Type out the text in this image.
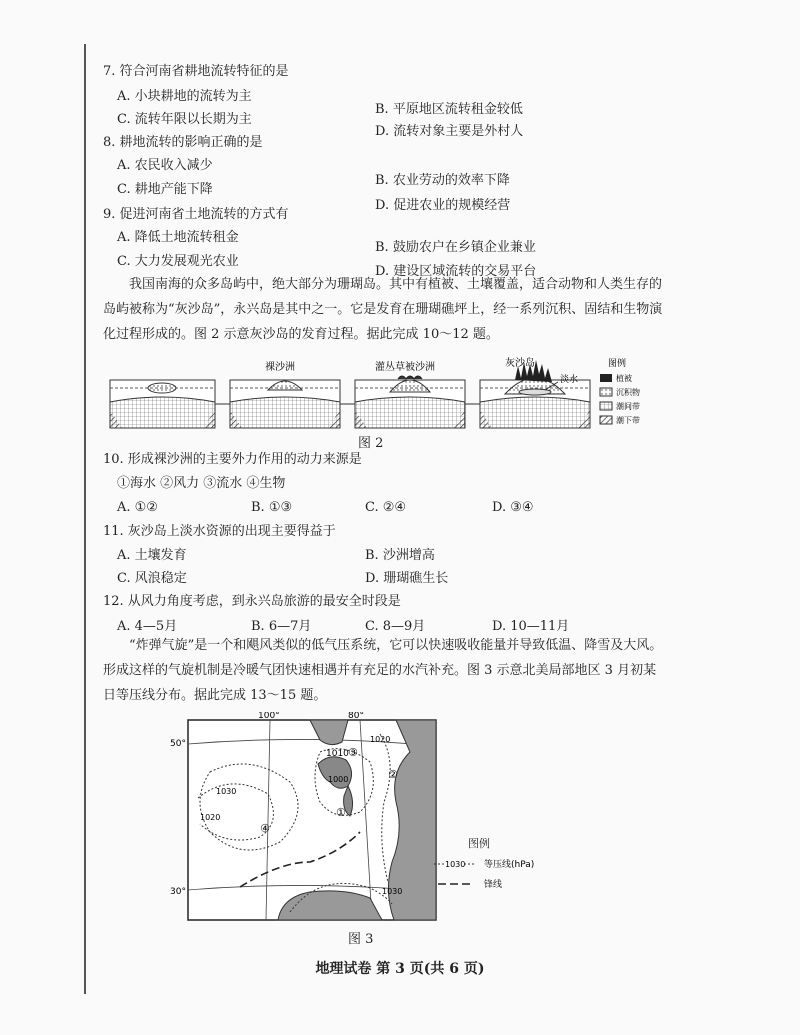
7. 符合河南省耕地流转特征的是
A. 小块耕地的流转为主
B. 平原地区流转租金较低
C. 流转年限以长期为主
D. 流转对象主要是外村人
8. 耕地流转的影响正确的是
A. 农民收入减少
B. 农业劳动的效率下降
C. 耕地产能下降
D. 促进农业的规模经营
9. 促进河南省土地流转的方式有
A. 降低土地流转租金
B. 鼓励农户在乡镇企业兼业
C. 大力发展观光农业
D. 建设区域流转的交易平台
我国南海的众多岛屿中，绝大部分为珊瑚岛。其中有植被、土壤覆盖，适合动物和人类生存的岛屿被称为“灰沙岛”，永兴岛是其中之一。它是发育在珊瑚礁坪上，经一系列沉积、固结和生物演化过程形成的。图 2 示意灰沙岛的发育过程。据此完成 10～12 题。
裸沙洲	灌丛草被沙洲	灰沙岛
淡水
图例
植被
沉积物
潮间带
潮下带
图 2
10. 形成裸沙洲的主要外力作用的动力来源是
①海水 ②风力 ③流水 ④生物
A. ①②	B. ①③	C. ②④	D. ③④
11. 灰沙岛上淡水资源的出现主要得益于
A. 土壤发育	B. 沙洲增高
C. 风浪稳定	D. 珊瑚礁生长
12. 从风力角度考虑，到永兴岛旅游的最安全时段是
A. 4—5月	B. 6—7月	C. 8—9月	D. 10—11月
“炸弹气旋”是一个和飓风类似的低气压系统，它可以快速吸收能量并导致低温、降雪及大风。形成这样的气旋机制是冷暖气团快速相遇并有充足的水汽补充。图 3 示意北美局部地区 3 月初某日等压线分布。据此完成 13～15 题。
100°	80°
50°
30°
1010
1020
1020
1030
1030
1000
③
②
④
①
图例
1030 等压线(hPa)
锋线
图 3
地理试卷 第 3 页(共 6 页)
